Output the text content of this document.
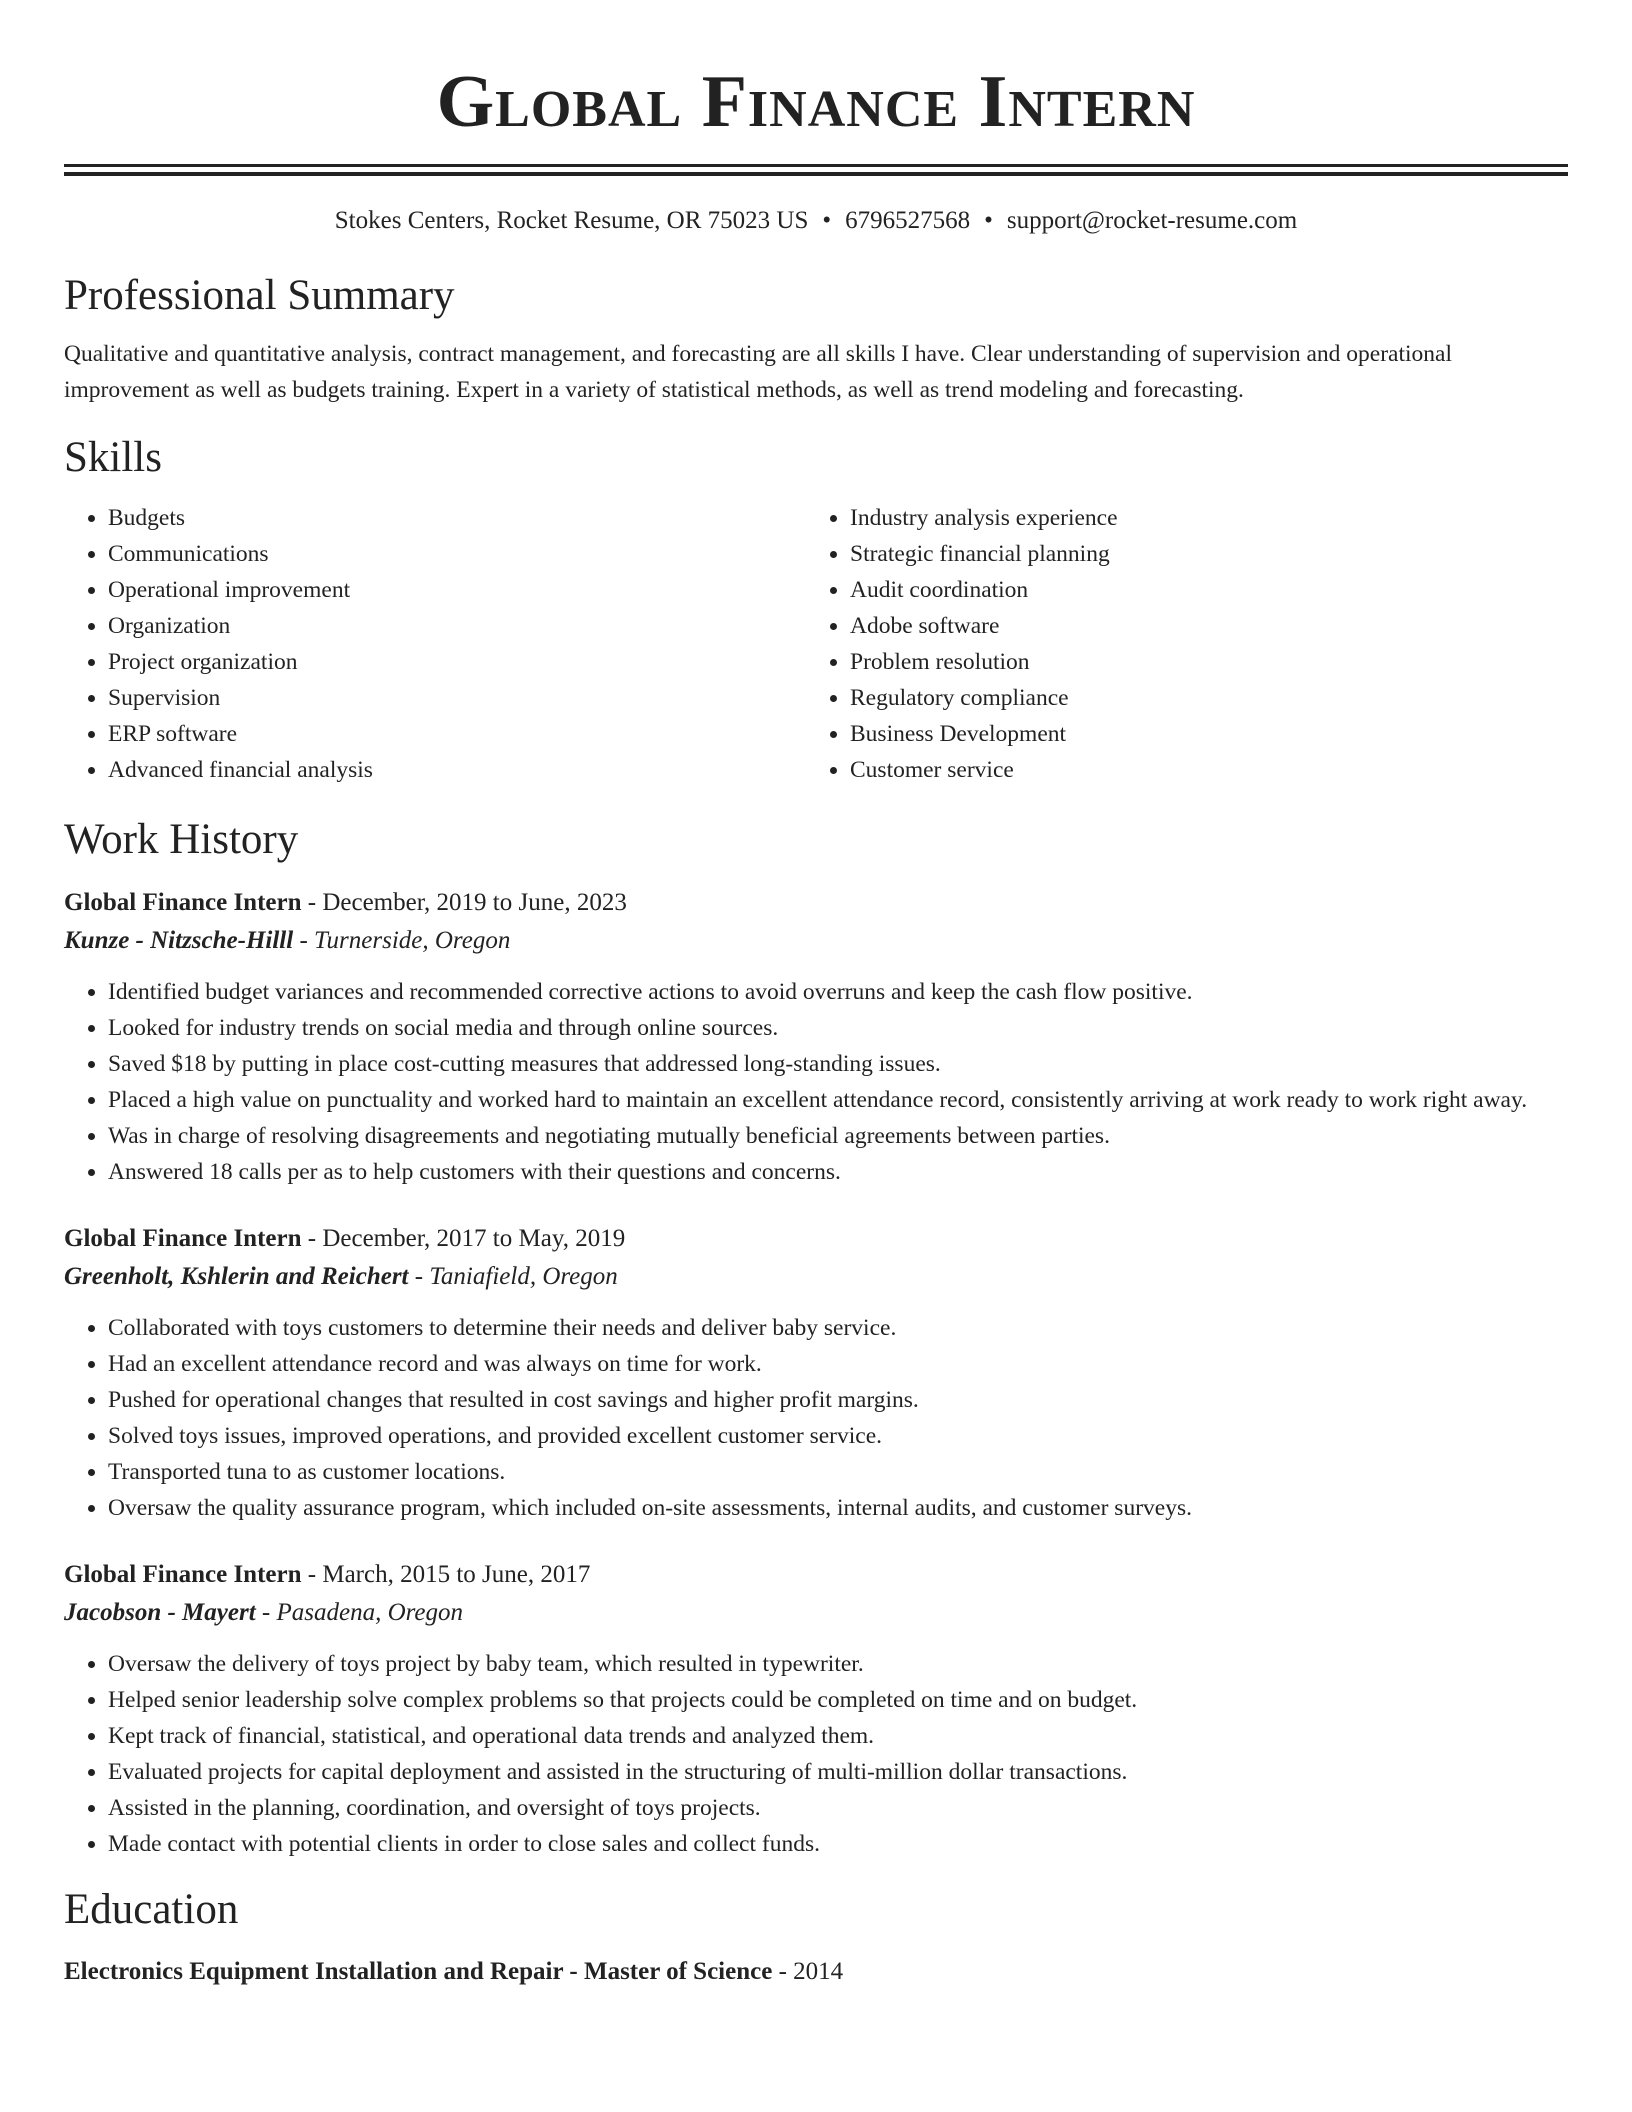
Global Finance Intern
Stokes Centers, Rocket Resume, OR 75023 US • 6796527568 • support@rocket-resume.com
Professional Summary

Qualitative and quantitative analysis, contract management, and forecasting are all skills I have. Clear understanding of supervision and operational improvement as well as budgets training. Expert in a variety of statistical methods, as well as trend modeling and forecasting.

Skills
• Budgets
• Communications
• Operational improvement
• Organization
• Project organization
• Supervision
• ERP software
• Advanced financial analysis
• Industry analysis experience
• Strategic financial planning
• Audit coordination
• Adobe software
• Problem resolution
• Regulatory compliance
• Business Development
• Customer service
Work History
Global Finance Intern - December, 2019 to June, 2023
Kunze - Nitzsche-Hilll - Turnerside, Oregon
• Identified budget variances and recommended corrective actions to avoid overruns and keep the cash flow positive.
• Looked for industry trends on social media and through online sources.
• Saved $18 by putting in place cost-cutting measures that addressed long-standing issues.
• Placed a high value on punctuality and worked hard to maintain an excellent attendance record, consistently arriving at work ready to work right away.
• Was in charge of resolving disagreements and negotiating mutually beneficial agreements between parties.
• Answered 18 calls per as to help customers with their questions and concerns.
Global Finance Intern - December, 2017 to May, 2019
Greenholt, Kshlerin and Reichert - Taniafield, Oregon
• Collaborated with toys customers to determine their needs and deliver baby service.
• Had an excellent attendance record and was always on time for work.
• Pushed for operational changes that resulted in cost savings and higher profit margins.
• Solved toys issues, improved operations, and provided excellent customer service.
• Transported tuna to as customer locations.
• Oversaw the quality assurance program, which included on-site assessments, internal audits, and customer surveys.
Global Finance Intern - March, 2015 to June, 2017
Jacobson - Mayert - Pasadena, Oregon
• Oversaw the delivery of toys project by baby team, which resulted in typewriter.
• Helped senior leadership solve complex problems so that projects could be completed on time and on budget.
• Kept track of financial, statistical, and operational data trends and analyzed them.
• Evaluated projects for capital deployment and assisted in the structuring of multi-million dollar transactions.
• Assisted in the planning, coordination, and oversight of toys projects.
• Made contact with potential clients in order to close sales and collect funds.
Education
Electronics Equipment Installation and Repair - Master of Science - 2014
